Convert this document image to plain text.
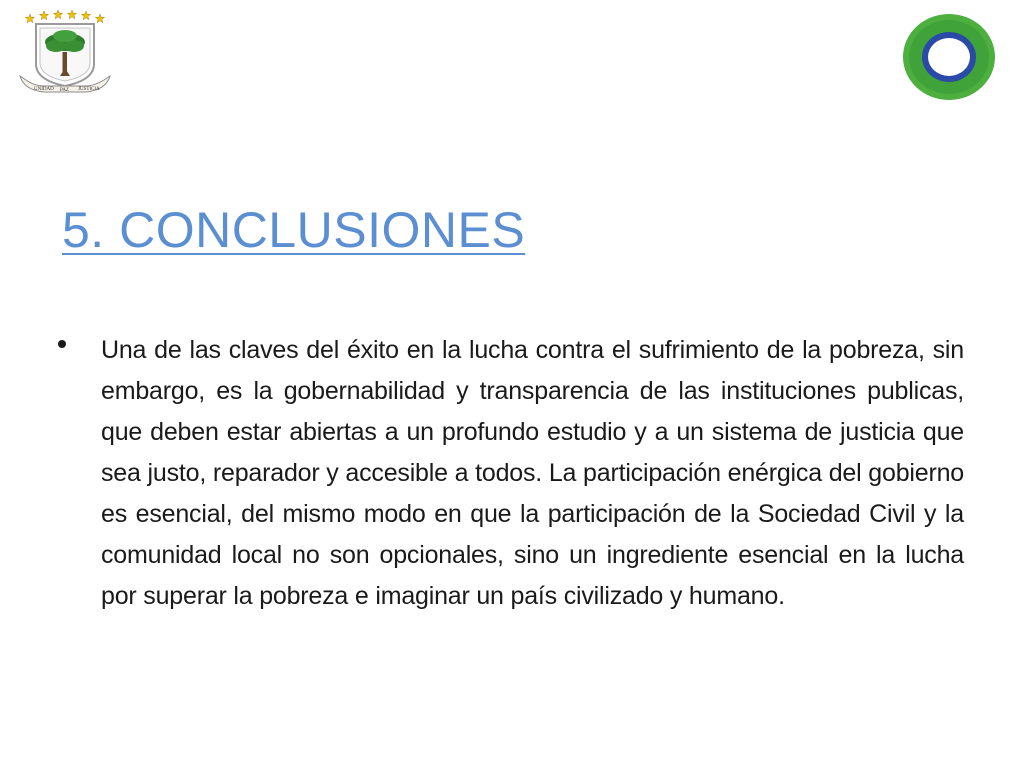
UNIDAD PAZ JUSTICIA
5. CONCLUSIONES

Una de las claves del éxito en la lucha contra el sufrimiento de la pobreza, sin embargo, es la gobernabilidad y transparencia de las instituciones publicas, que deben estar abiertas a un profundo estudio y a un sistema de justicia que sea justo, reparador y accesible a todos. La participación enérgica del gobierno es esencial, del mismo modo en que la participación de la Sociedad Civil y la comunidad local no son opcionales, sino un ingrediente esencial en la lucha por superar la pobreza e imaginar un país civilizado y humano.
